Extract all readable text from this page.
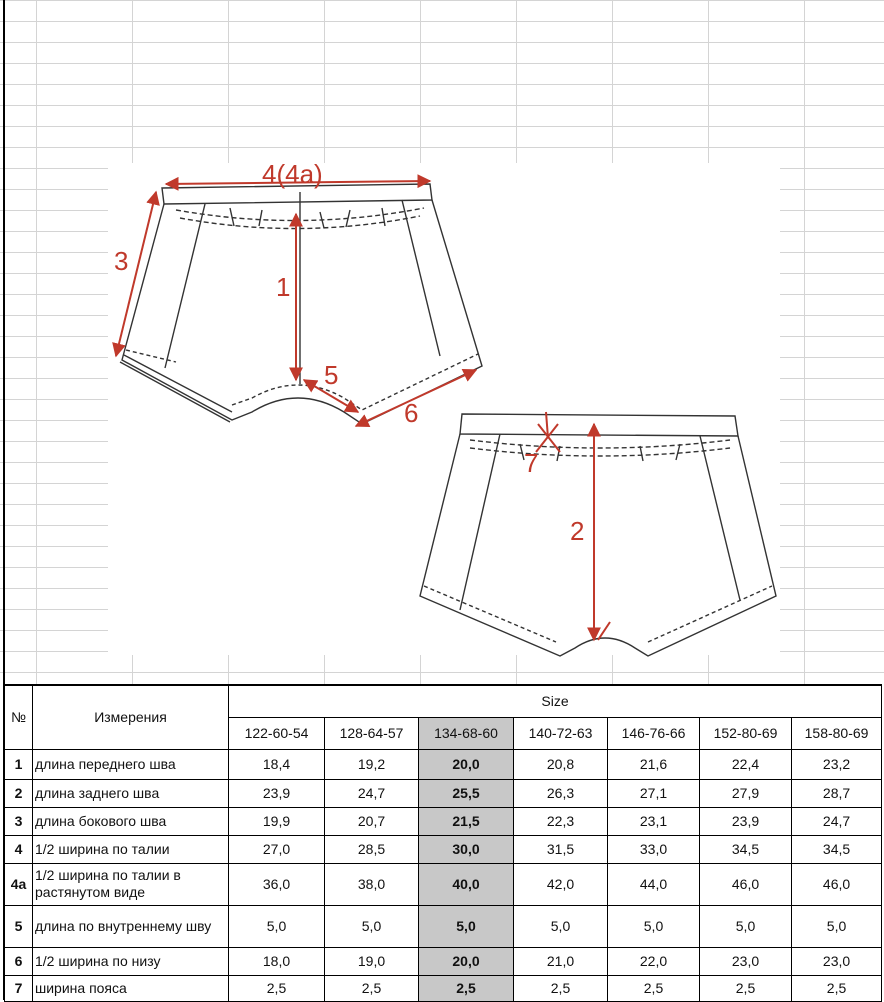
4(4a)
3
1
5
6
7
2
№	Измерения	Size						
		122-60-54	128-64-57	134-68-60	140-72-63	146-76-66	152-80-69	158-80-69
1	длина переднего шва	18,4	19,2	20,0	20,8	21,6	22,4	23,2
2	длина заднего шва	23,9	24,7	25,5	26,3	27,1	27,9	28,7
3	длина бокового шва	19,9	20,7	21,5	22,3	23,1	23,9	24,7
4	1/2 ширина по талии	27,0	28,5	30,0	31,5	33,0	34,5	34,5
4a	1/2 ширина по талии в растянутом виде	36,0	38,0	40,0	42,0	44,0	46,0	46,0
5	длина по внутреннему шву	5,0	5,0	5,0	5,0	5,0	5,0	5,0
6	1/2 ширина по низу	18,0	19,0	20,0	21,0	22,0	23,0	23,0
7	ширина пояса	2,5	2,5	2,5	2,5	2,5	2,5	2,5
